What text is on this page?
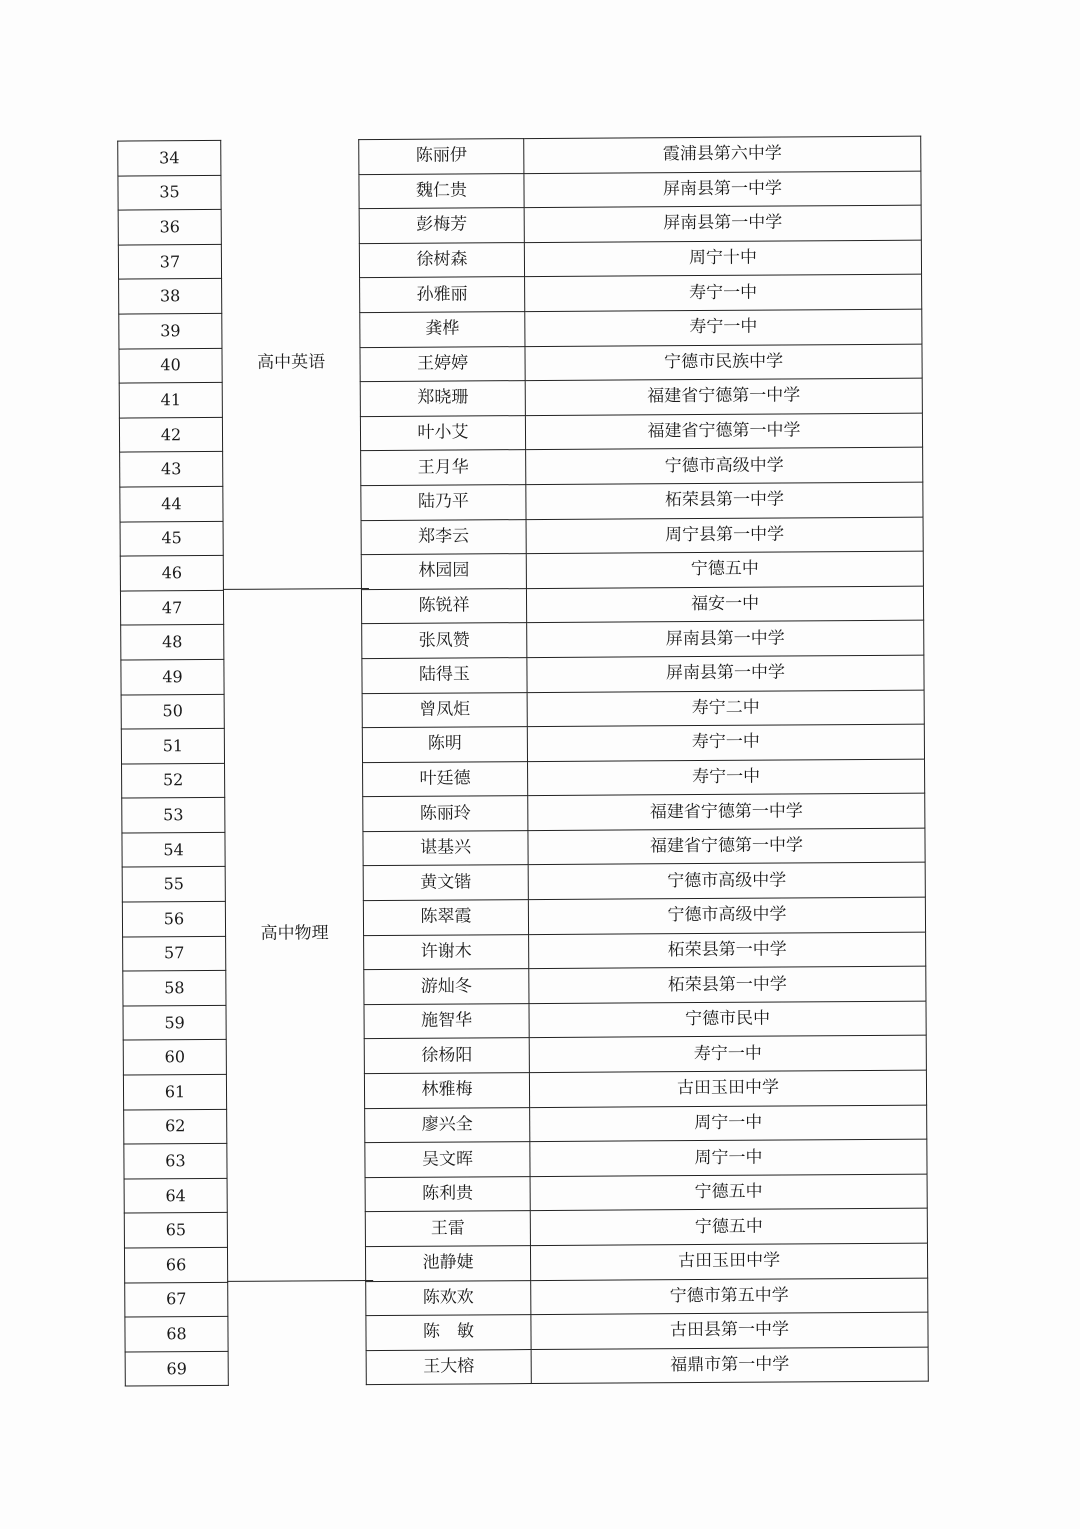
34	高中英语	陈丽伊	霞浦县第六中学
35		魏仁贵	屏南县第一中学
36		彭梅芳	屏南县第一中学
37		徐树森	周宁十中
38		孙雅丽	寿宁一中
39		龚桦	寿宁一中
40		王婷婷	宁德市民族中学
41		郑晓珊	福建省宁德第一中学
42		叶小艾	福建省宁德第一中学
43		王月华	宁德市高级中学
44		陆乃平	柘荣县第一中学
45		郑李云	周宁县第一中学
46		林园园	宁德五中
47	高中物理	陈锐祥	福安一中
48		张凤赞	屏南县第一中学
49		陆得玉	屏南县第一中学
50		曾凤炬	寿宁二中
51		陈明	寿宁一中
52		叶廷德	寿宁一中
53		陈丽玲	福建省宁德第一中学
54		谌基兴	福建省宁德第一中学
55		黄文锴	宁德市高级中学
56		陈翠霞	宁德市高级中学
57		许谢木	柘荣县第一中学
58		游灿冬	柘荣县第一中学
59		施智华	宁德市民中
60		徐杨阳	寿宁一中
61		林雅梅	古田玉田中学
62		廖兴全	周宁一中
63		吴文晖	周宁一中
64		陈利贵	宁德五中
65		王雷	宁德五中
66		池静婕	古田玉田中学
67		陈欢欢	宁德市第五中学
68		陈　敏	古田县第一中学
69		王大榕	福鼎市第一中学
